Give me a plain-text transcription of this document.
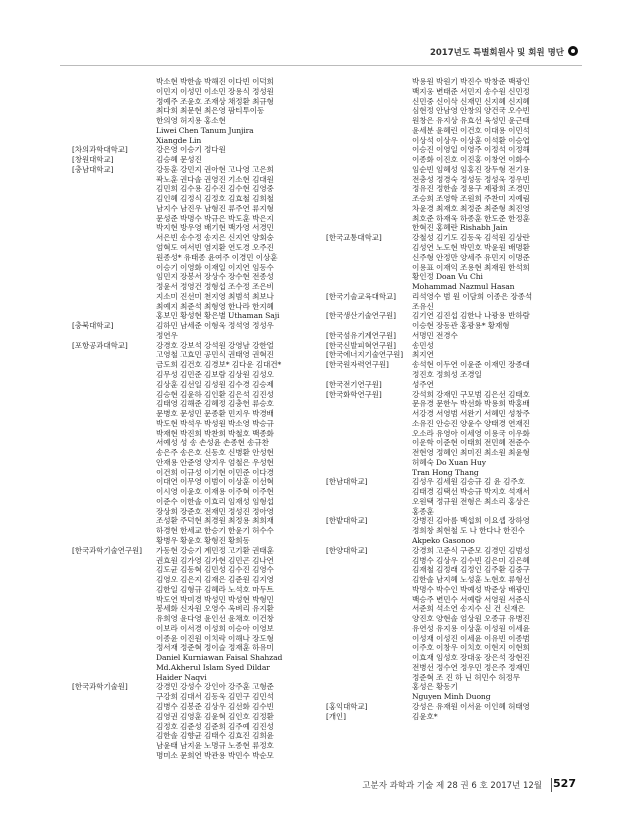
2017년도 특별회원사 및 회원 명단
박소현 박한솔 박해진 이다빈 이덕희
이민지 이성민 이소민 장용식 정성원
정예주 조윤호 조재상 채정환 최규형
최다희 최문현 최은영 팜티투이동
한의영 허지용 홍소현
Liwei Chen Tanum Junjira
Xiangde Lin
[차의과학대학교]	강은영 이승기 정다원
[창원대학교]	김승혜 문성진
[충남대학교]	강동훈 강민지 권아현 고나영 고은희
곽노훈 권다솔 권영진 기소현 김대원
김민희 김수용 김수진 김수현 김영중
김인혜 김정식 김정호 김효철 김희철
남지수 남진우 남형진 류주연 류지형
문성준 박명수 박규은 박도훈 박은지
박지현 방우영 배기현 백가영 서경민
서은빈 송수정 송지은 신지연 양회숭
엄혁도 여서빈 염지환 연도경 오주진
원종성* 유태종 윤여주 이경민 이상훈
이승기 이영화 이재일 이지연 임동수
임민지 장봉서 장상수 장수현 전종성
정윤서 정영건 정형섭 조수정 조은비
지소미 진선미 천지영 최범석 최보나
최예지 최준석 최형영 한나라 한지혜
홍보민 황성현 황은별 Uthaman Saji
[충북대학교]	김하민 남세준 이형욱 정석영 정성우
정연우
[포항공과대학교]	강경호 강보석 강석원 강영남 강한얼
고영철 고효민 공민식 권태영 권혁진
금도희 김건호 김경보* 김다운 김대건*
김무성 김민준 김보람 김상원 김성오
김상훈 김선일 김성원 김수경 김승제
김승현 김윤하 김인환 김은석 김진성
김태영 김해준 김혜정 김충헌 류승호
문병호 문성민 문종환 민지우 박경배
박도현 박석우 박성원 박소영 박승규
박재현 박진희 박찬희 박철호 백종화
서예성 성 송 손성윤 손종현 송규찬
송은주 송은호 신동호 신병환 안성현
안재용 안준영 양지우 엄철은 우성현
이건희 이규성 이기현 이민준 이다경
이대연 이무영 이범이 이상훈 이선혁
이시영 이윤호 이재용 이주혁 이주현
이준수 이한솔 이효리 임재성 임형섭
장상희 장준호 전재민 정성진 정아영
조성환 주덕현 최경원 최정용 최희재
하경현 한세교 한승기 한윤기 허수수
황병우 황윤호 황형진 황희동
[한국과학기술연구원]	가동현 강승기 계민정 고기환 권태훈
권효원 김가영 김가현 김민곤 김나연
김도균 김동혁 김민성 김수진 김영수
김영오 김은지 김재은 김준원 김지영
김한일 김형규 김혜라 노석호 마두트
박도연 박미경 박성민 박성현 박형민
봉세화 신자원 오영수 옥벼리 유지환
유희영 윤다영 윤인선 윤채호 이건창
이보라 이서경 이성희 이승아 이영보
이종윤 이진원 이치락 이해나 장도형
정서재 정준혁 정이슬 정재훈 하유미
Daniel Kurniawan Faisal Shahzad
Md.Akherul Islam Syed Dildar
Haider Naqvi
[한국과학기술원]	강경민 강성수 강인아 강주훈 고형준
구강희 김대서 김동욱 김민구 김민석
김병수 김봉준 김상우 김선화 김수빈
김영권 김영훈 김윤혁 김인호 김정환
김정호 김준성 김준희 김주예 김진성
김한솔 김향균 김태수 김효진 김희윤
남윤태 남지윤 노명규 노종현 류정호
명미소 문희연 박관용 박민수 박순모
박용원 박원기 박진수 박창준 백광인
백지웅 변태준 서민지 송수원 신민정
신민중 신이삭 신재민 신지혜 신지혜
심현정 안남영 안창의 양건국 오수빈
원창은 유지상 유효선 육성민 윤근태
윤세분 윤혜린 이건호 이대용 이민석
이상석 이상우 이상훈 이석환 이승엽
이승진 이영일 이영주 이정석 이정해
이종화 이진호 이진홍 이창연 이화수
임순빈 임혜성 임홍진 장두형 전기용
전충성 정경숙 정성동 정성욱 정우빈
정유진 정한솔 정용구 제광희 조경민
조승희 조영학 조원희 주찬미 지예림
차윤경 최재호 최정준 최준형 최진영
최호준 하재욱 하종훈 한도준 한정훈
한혁진 홍혜란 Rishabh Jain
[한국교통대학교]	강철성 김기도 김동욱 김석원 김상란
김성연 노도현 박민호 박윤원 배명환
신주형 안정만 양세주 유민지 이명준
이용표 이재익 조용현 최재원 한석희
황인정 Doan Vu Chi
Mohammad Nazmul Hasan
[한국기술교육대학교]	리석영수 범 원 이담희 이종은 장종석
조유신
[한국생산기술연구원]	김기연 김진섭 김한나 나광용 반하람
이승현 장동관 홍광용* 황재형
[한국섬유기계연구원]	서명민 전경수
[한국신발피혁연구원]	송민성
[한국에너지기술연구원]	최지연
[한국원자력연구원]	송석현 이두연 이윤준 이재민 장종대
정진호 정희성 조경일
[한국전기연구원]	성주연
[한국화학연구원]	강석희 강재민 구모범 김은선 김태호
문유경 문한누 박선화 박용희 박홍배
서강경 서영범 서완기 서혜민 성창주
소유진 안승진 양윤수 양태경 연재진
오소라 유영아 이세영 이용국 이우화
이운학 이준현 이태희 전민혜 전준수
전현영 정혜인 최미진 최소원 최윤형
허혜숙 Do Xuan Huy
Tran Hong Thang
[한남대학교]	김성우 김세원 김승규 김 윤 김주호
김태경 김택선 박승규 박지호 석재서
오원택 정규원 전형은 최소리 홍상은
홍종훈
[한밭대학교]	강병진 김아름 백섭희 이요셉 장하영
정희창 최현철 도 나 한다나 한진수
Akpeko Gasonoo
[한양대학교]	강경희 고준식 구준모 김경민 김범성
김병수 김상우 김수빈 김은미 김은혜
김재철 김정래 김정인 김주환 김중구
김한솔 남지혜 노성훈 노현호 류형선
박명수 박수인 박예성 박준상 배광민
백승주 변민수 서예람 서영원 서준식
서준희 석소연 송지수 신 건 신재은
양진호 양현솔 엄상원 오종규 유병진
유연성 유지용 이상훈 이성원 이세윤
이성재 이성진 이세윤 이유빈 이종범
이주호 이창우 이치호 이현지 이현희
이효재 임성호 장대웅 장은석 장현진
전병선 정수연 정우민 정은주 정재민
정준혁 조 진 하 닌 허민수 허정무
홍성은 황동기
Nguyen Minh Duong
[홍익대학교]	강성은 유재원 이서윤 이인혜 허태영
[개인]	김윤호*
고분자 과학과 기술 제 28 권 6 호 2017년 12월 527
